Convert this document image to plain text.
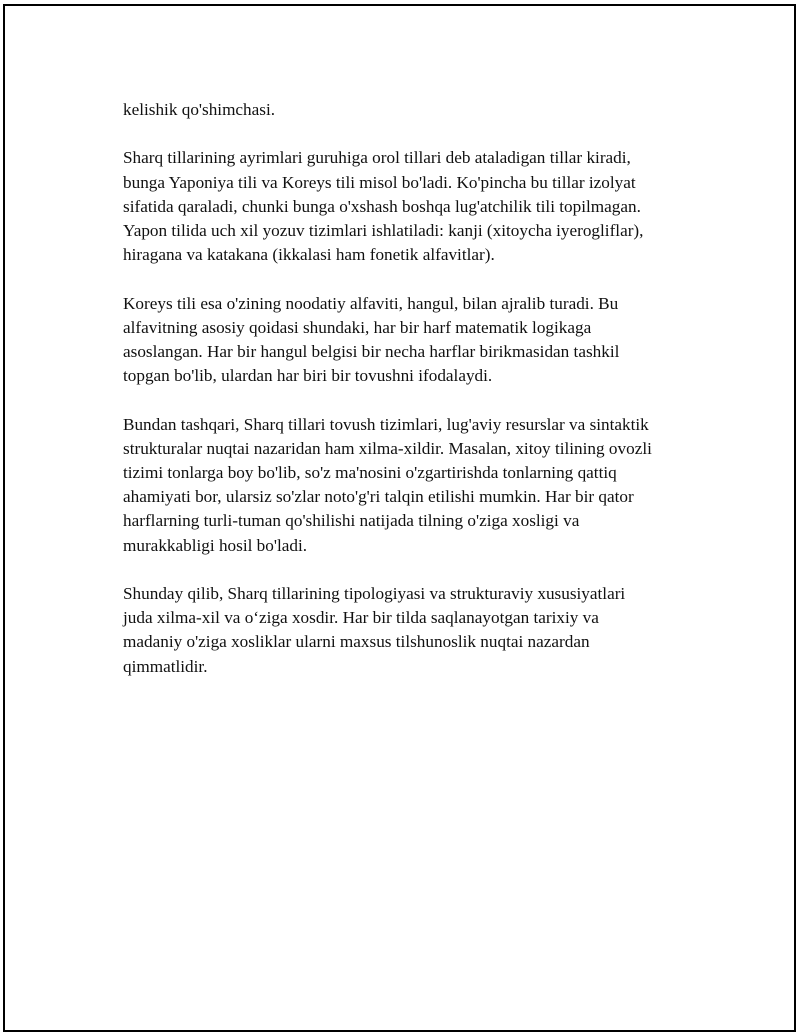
kelishik qo'shimchasi.

Sharq tillarining ayrimlari guruhiga orol tillari deb ataladigan tillar kiradi,
bunga Yaponiya tili va Koreys tili misol bo'ladi. Ko'pincha bu tillar izolyat
sifatida qaraladi, chunki bunga o'xshash boshqa lug'atchilik tili topilmagan.
Yapon tilida uch xil yozuv tizimlari ishlatiladi: kanji (xitoycha iyerogliflar),
hiragana va katakana (ikkalasi ham fonetik alfavitlar).

Koreys tili esa o'zining noodatiy alfaviti, hangul, bilan ajralib turadi. Bu
alfavitning asosiy qoidasi shundaki, har bir harf matematik logikaga
asoslangan. Har bir hangul belgisi bir necha harflar birikmasidan tashkil
topgan bo'lib, ulardan har biri bir tovushni ifodalaydi.

Bundan tashqari, Sharq tillari tovush tizimlari, lug'aviy resurslar va sintaktik
strukturalar nuqtai nazaridan ham xilma-xildir. Masalan, xitoy tilining ovozli
tizimi tonlarga boy bo'lib, so'z ma'nosini o'zgartirishda tonlarning qattiq
ahamiyati bor, ularsiz so'zlar noto'g'ri talqin etilishi mumkin. Har bir qator
harflarning turli-tuman qo'shilishi natijada tilning o'ziga xosligi va
murakkabligi hosil bo'ladi.

Shunday qilib, Sharq tillarining tipologiyasi va strukturaviy xususiyatlari
juda xilma-xil va o‘ziga xosdir. Har bir tilda saqlanayotgan tarixiy va
madaniy o'ziga xosliklar ularni maxsus tilshunoslik nuqtai nazardan
qimmatlidir.
